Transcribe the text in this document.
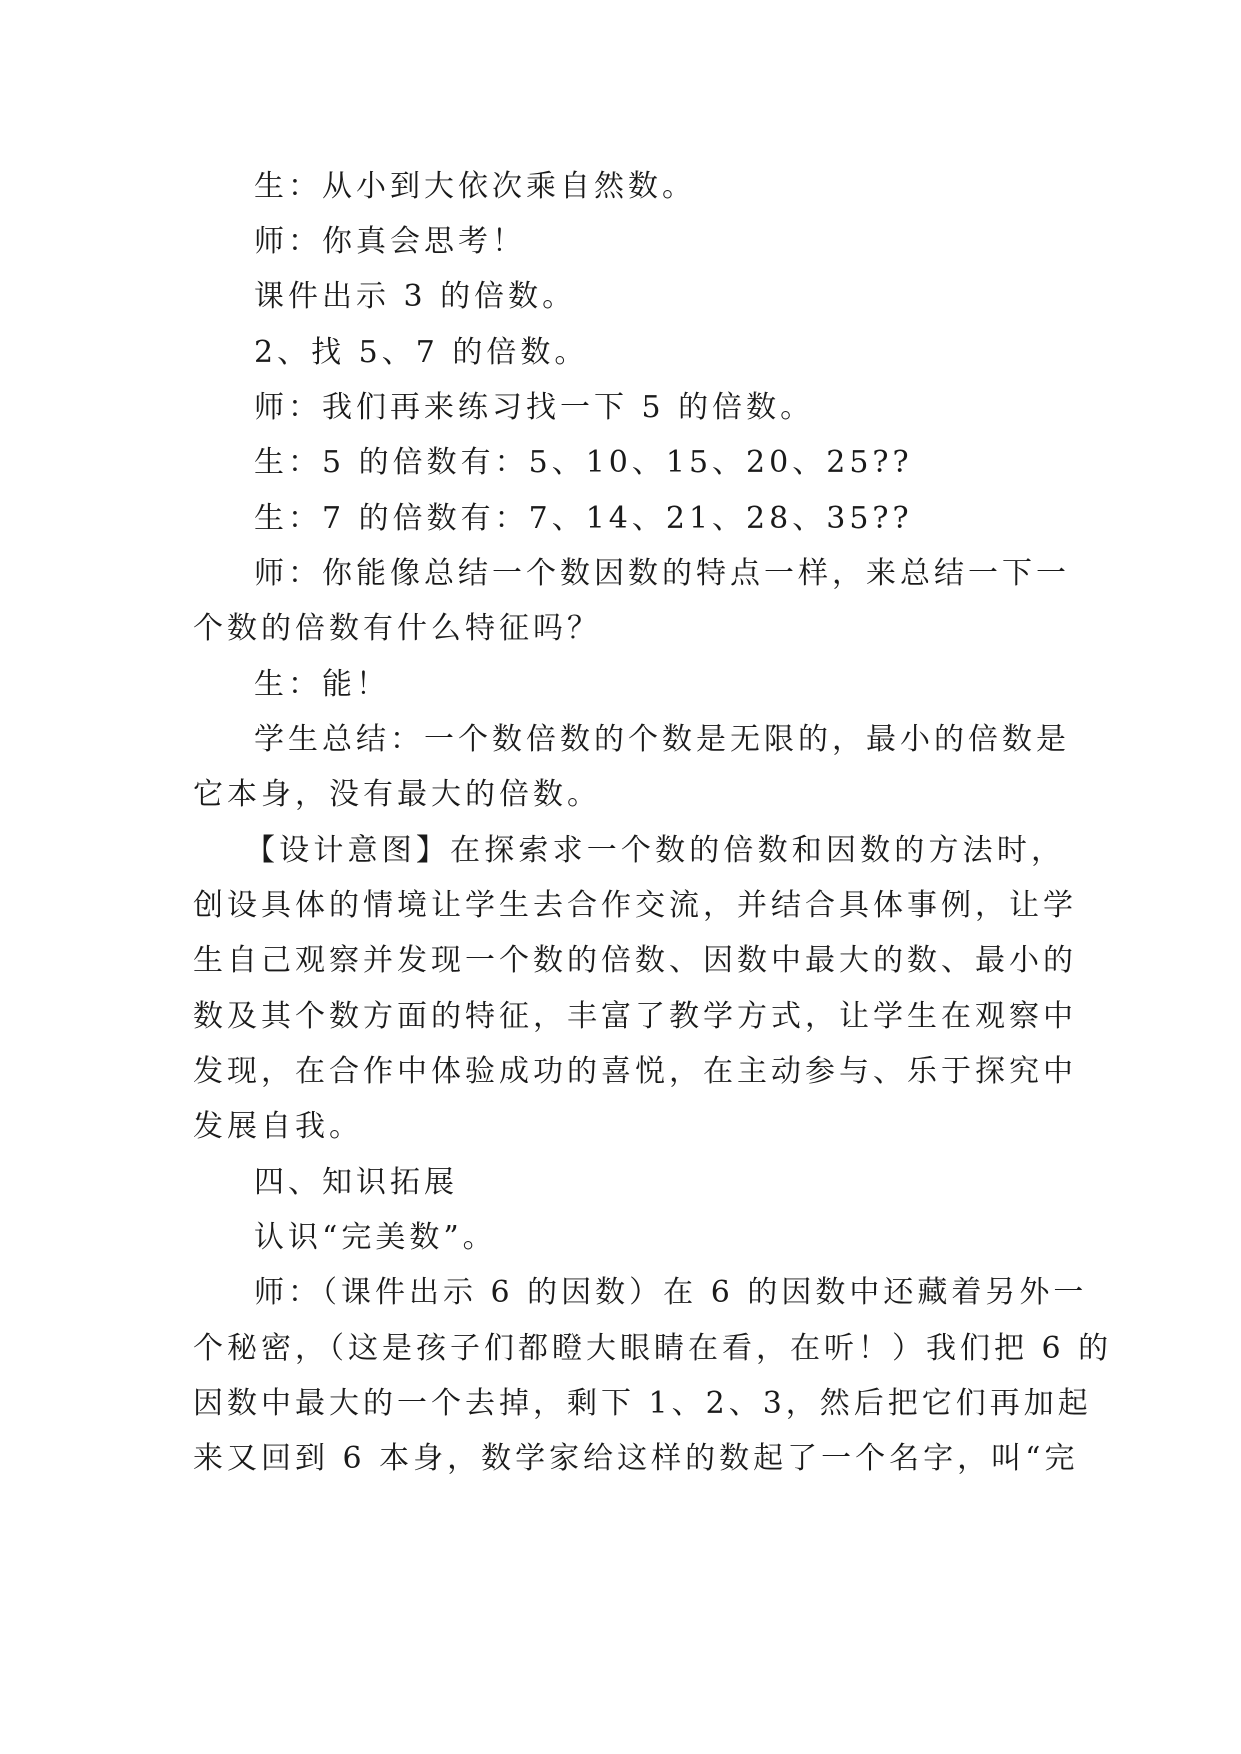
生：从小到大依次乘自然数。
师：你真会思考！
课件出示 3 的倍数。
2、找 5、7 的倍数。
师：我们再来练习找一下 5 的倍数。
生：5 的倍数有：5、10、15、20、25??
生：7 的倍数有：7、14、21、28、35??
师：你能像总结一个数因数的特点一样，来总结一下一
个数的倍数有什么特征吗？
生：能！
学生总结：一个数倍数的个数是无限的，最小的倍数是
它本身，没有最大的倍数。
【设计意图】在探索求一个数的倍数和因数的方法时，
创设具体的情境让学生去合作交流，并结合具体事例，让学
生自己观察并发现一个数的倍数、因数中最大的数、最小的
数及其个数方面的特征，丰富了教学方式，让学生在观察中
发现，在合作中体验成功的喜悦，在主动参与、乐于探究中
发展自我。
四、知识拓展
认识“完美数”。
师：（课件出示 6 的因数）在 6 的因数中还藏着另外一
个秘密，（这是孩子们都瞪大眼睛在看，在听！）我们把 6 的
因数中最大的一个去掉，剩下 1、2、3，然后把它们再加起
来又回到 6 本身，数学家给这样的数起了一个名字，叫“完
